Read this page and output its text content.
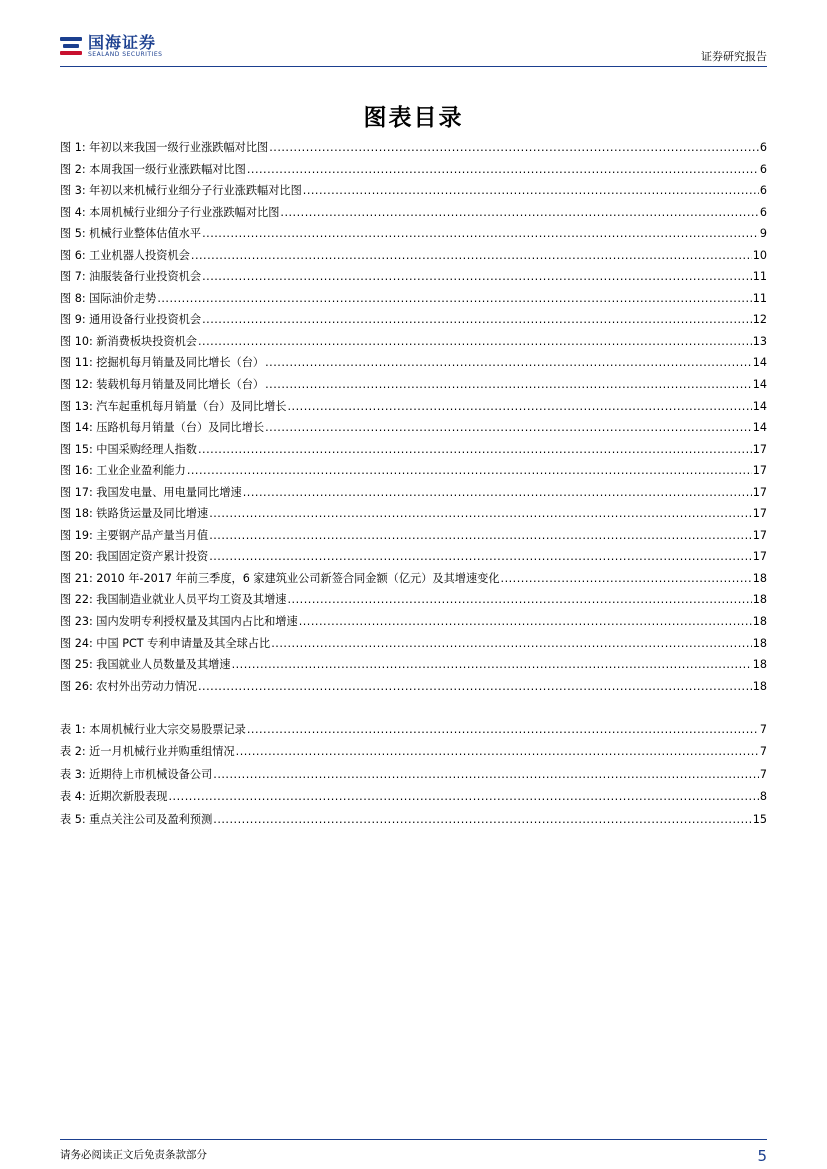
国海证券
SEALAND SECURITIES	证券研究报告
图表目录
图 1: 年初以来我国一级行业涨跌幅对比图 .....	6
图 2: 本周我国一级行业涨跌幅对比图 .....	6
图 3: 年初以来机械行业细分子行业涨跌幅对比图 .....	6
图 4: 本周机械行业细分子行业涨跌幅对比图 .....	6
图 5: 机械行业整体估值水平 .....	9
图 6: 工业机器人投资机会 .....	10
图 7: 油服装备行业投资机会 .....	11
图 8: 国际油价走势 .....	11
图 9: 通用设备行业投资机会 .....	12
图 10: 新消费板块投资机会 .....	13
图 11: 挖掘机每月销量及同比增长（台） .....	14
图 12: 装载机每月销量及同比增长（台） .....	14
图 13: 汽车起重机每月销量（台）及同比增长 .....	14
图 14: 压路机每月销量（台）及同比增长 .....	14
图 15: 中国采购经理人指数 .....	17
图 16: 工业企业盈利能力 .....	17
图 17: 我国发电量、用电量同比增速 .....	17
图 18: 铁路货运量及同比增速 .....	17
图 19: 主要钢产品产量当月值 .....	17
图 20: 我国固定资产累计投资 .....	17
图 21: 2010 年-2017 年前三季度，6 家建筑业公司新签合同金额（亿元）及其增速变化 .....	18
图 22: 我国制造业就业人员平均工资及其增速 .....	18
图 23: 国内发明专利授权量及其国内占比和增速 .....	18
图 24: 中国 PCT 专利申请量及其全球占比 .....	18
图 25: 我国就业人员数量及其增速 .....	18
图 26: 农村外出劳动力情况 .....	18
表 1: 本周机械行业大宗交易股票记录 .....	7
表 2: 近一月机械行业并购重组情况 .....	7
表 3: 近期待上市机械设备公司 .....	7
表 4: 近期次新股表现 .....	8
表 5: 重点关注公司及盈利预测 .....	15
请务必阅读正文后免责条款部分	5
